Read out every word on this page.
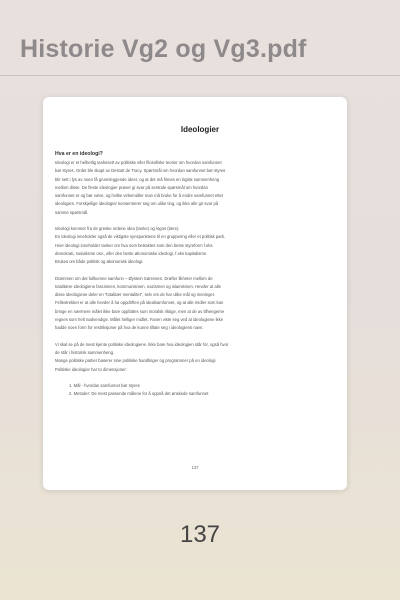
Historie Vg2 og Vg3.pdf
Ideologier
Hva er en ideologi?
Ideologi er et helhetlig tankesett av politiske eller filosofiske teorier om hvordan samfunnet
bør styres. Ordet ble skapt av Destutt de Tracy. Spørsmål om hvordan samfunnet bør styres
blir sett i lys av noen få grunnleggende ideer, og at det må finnes en logisk sammenheng
mellom disse. De fleste ideologier prøver gi svar på sentrale spørsmål om hvordan
samfunnet er og bør være, og hvilke virkemidler man må bruke for å endre samfunnet etter
ideologien. Forskjellige ideologier konsentrerer seg om ulike ting, og ikke alle gir svar på
samme spørsmål.
Ideologi kommer fra de greske ordene idea (tanke) og logos (lære).
En ideologi inneholder også de viktigste synspunktene til en gruppering eller et politisk parti.
Hver ideologi inneholder tanker om hva som betraktes som den beste styreform f.eks
demokrati, sosialisme osv., eller den beste økonomiske ideologi, f.eks kapitalisme.
Brukes om både politisk og økonomisk ideologi.
Drømmen om det fullkomne samfunn – Øystein Sørensen. Drøfter likheter mellom de
totalitære ideologiene fascismen, kommunismen, nazismen og islamismen. Hevder at alle
disse ideologiene deler en "totalitær mentalitet", selv om de har ulike mål og meninger.
Fellestrekket er at alle hevder å ha oppdriften på idealsamfunnet, og at alle midler som kan
bringe en nærmere målet ikke bare oppfattes som moralsk riktige, men at de av tilhengerne
regnes som helt nødvendige. Målet helliger midlet. Fanen viste seg ved at ideologiene ikke
hadde noen form for restriksjoner på hva de kunne tillate seg i ideologiens navn.
Vi skal se på de mest kjente politiske ideologiene. Ikke bare hva ideologien står for, også hvor
de står i historisk sammenheng.
Mange politiske partier baserer sine politiske handlinger og programmer på en ideologi.
Politiske ideologier har to dimensjoner:
1. Mål - hvordan samfunnet bør styres
2. Metoder: De mest passende målene for å oppnå det ønskede samfunnet
137
137
